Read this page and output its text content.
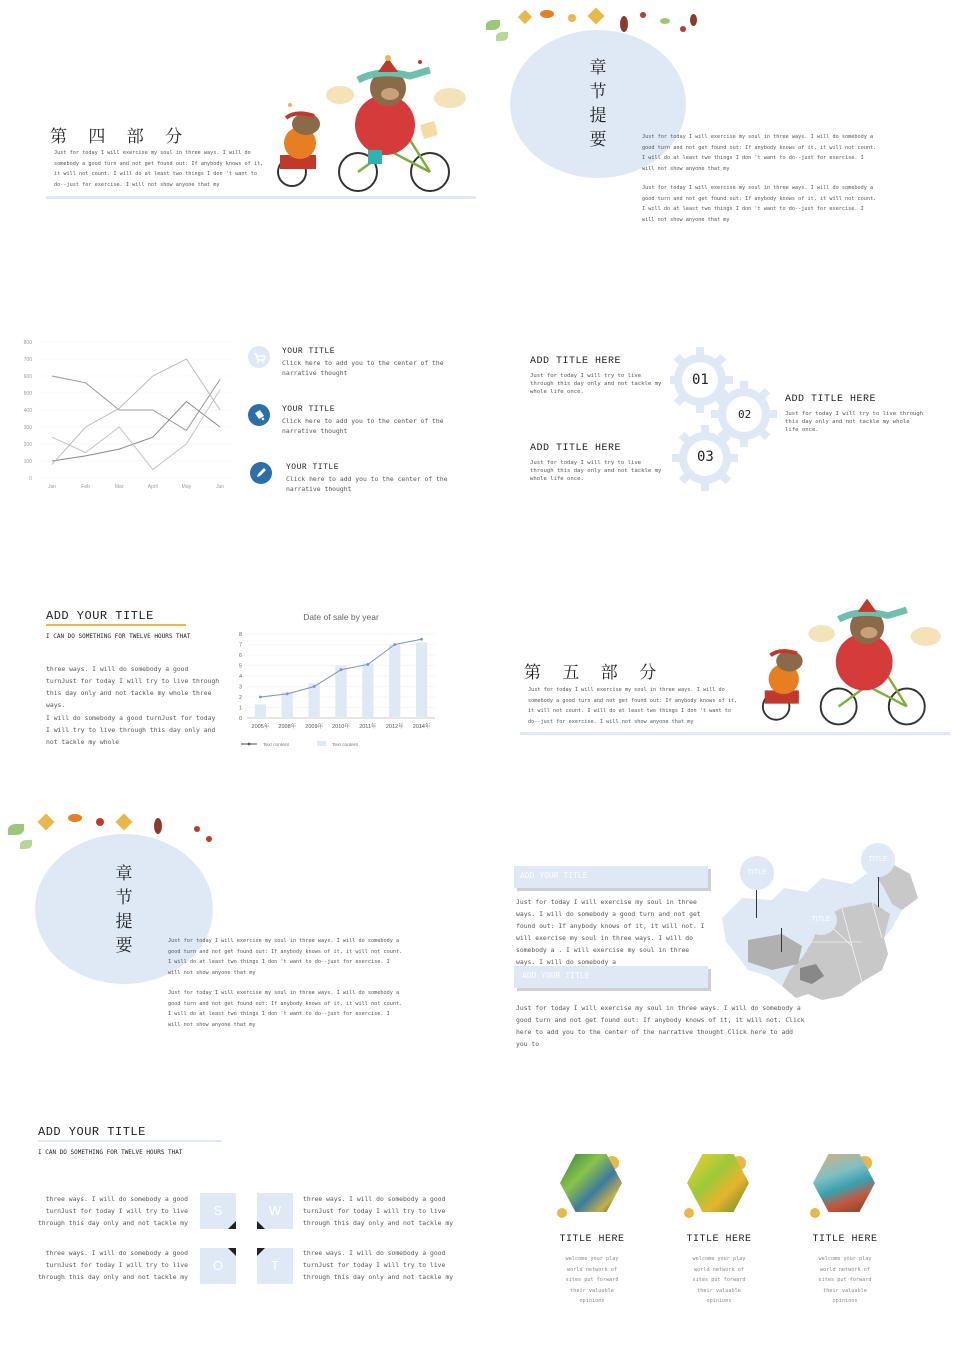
第 四 部 分
Just for today I will exercise my soul in three ways. I will do somebody a good turn and not get found out: If anybody knows of it, it will not count. I will do at least two things I don 't want to do--just for exercise. I will not show anyone that my
章
节
提
要	Just for today I will exercise my soul in three ways. I will do somebody a good turn and not get found out: If anybody knows of it, it will not count. I will do at least two things I don 't want to do--just for exercise. I will not show anyone that my
Just for today I will exercise my soul in three ways. I will do somebody a good turn and not get found out: If anybody knows of it, it will not count. I will do at least two things I don 't want to do--just for exercise. I will not show anyone that my
0
100
200
300
400
500
600
700
800
Jan	Feb	Mar	April	May	Jun
YOUR TITLE
Click here to add you to the center of the narrative thought
YOUR TITLE
Click here to add you to the center of the narrative thought
YOUR TITLE
Click here to add you to the center of the narrative thought
ADD TITLE HERE
Just for today I will try to live through this day only and not tackle my whole life once.
ADD TITLE HERE
Just for today I will try to live through this day only and not tackle my whole life once.
ADD TITLE HERE
Just for today I will try to live through this day only and not tackle my whole life once.
01
02
03
ADD YOUR TITLE
I CAN DO SOMETHING FOR TWELVE HOURS THAT
three ways. I will do somebody a good turnJust for today I will try to live through this day only and not tackle my whole three ways.
I will do somebody a good turnJust for today I will try to live through this day only and not tackle my whole
Date of sale by year
0
1
2
3
4
5
6
7
8
2005年 2008年 2009年 2010年 2011年 2012年 2014年
Text content	Text content
第 五 部 分
Just for today I will exercise my soul in three ways. I will do somebody a good turn and not get found out: If anybody knows of it, it will not count. I will do at least two things I don 't want to do--just for exercise. I will not show anyone that my
章
节
提
要	Just for today I will exercise my soul in three ways. I will do somebody a good turn and not get found out: If anybody knows of it, it will not count. I will do at least two things I don 't want to do--just for exercise. I will not show anyone that my
Just for today I will exercise my soul in three ways. I will do somebody a good turn and not get found out: If anybody knows of it, it will not count. I will do at least two things I don 't want to do--just for exercise. I will not show anyone that my
ADD YOUR TITLE
Just for today I will exercise my soul in three ways. I will do somebody a good turn and not get found out: If anybody knows of it, it will not. I will exercise my soul in three ways. I will do somebody a . I will exercise my soul in three ways. I will do somebody a
ADD YOUR TITLE
Just for today I will exercise my soul in three ways. I will do somebody a good turn and not get found out: If anybody knows of it, it will not. Click here to add you to the center of the narrative thought Click here to add you to
TITLE
TITLE
TITLE
ADD YOUR TITLE
I CAN DO SOMETHING FOR TWELVE HOURS THAT
three ways. I will do somebody a good turnJust for today I will try to live through this day only and not tackle my
three ways. I will do somebody a good turnJust for today I will try to live through this day only and not tackle my
three ways. I will do somebody a good turnJust for today I will try to live through this day only and not tackle my
three ways. I will do somebody a good turnJust for today I will try to live through this day only and not tackle my
S	W
O	T
TITLE HERE
welcome your play world network of sites put forward their valuable opinions
TITLE HERE
welcome your play world network of sites put forward their valuable opinions
TITLE HERE
welcome your play world network of sites put forward their valuable opinions
